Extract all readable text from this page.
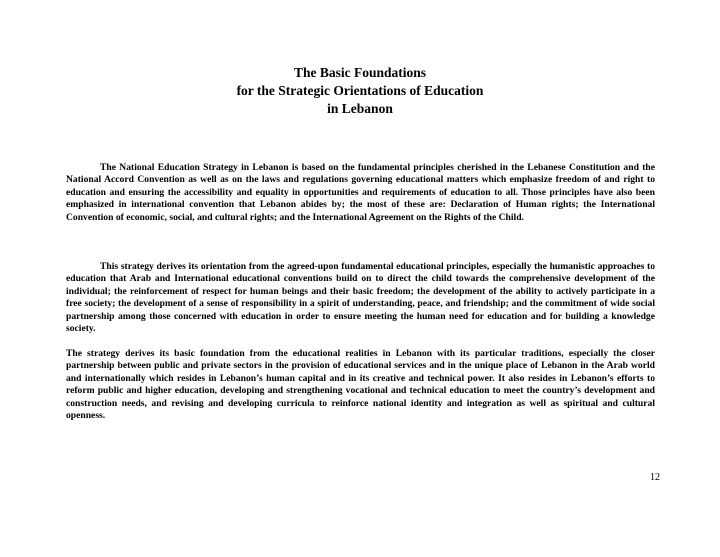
The Basic Foundations
for the Strategic Orientations of Education
in Lebanon

The National Education Strategy in Lebanon is based on the fundamental principles cherished in the Lebanese Constitution and the National Accord Convention as well as on the laws and regulations governing educational matters which emphasize freedom of and right to education and ensuring the accessibility and equality in opportunities and requirements of education to all. Those principles have also been emphasized in international convention that Lebanon abides by; the most of these are: Declaration of Human rights; the International Convention of economic, social, and cultural rights; and the International Agreement on the Rights of the Child.

This strategy derives its orientation from the agreed-upon fundamental educational principles, especially the humanistic approaches to education that Arab and International educational conventions build on to direct the child towards the comprehensive development of the individual; the reinforcement of respect for human beings and their basic freedom; the development of the ability to actively participate in a free society; the development of a sense of responsibility in a spirit of understanding, peace, and friendship; and the commitment of wide social partnership among those concerned with education in order to ensure meeting the human need for education and for building a knowledge society.

The strategy derives its basic foundation from the educational realities in Lebanon with its particular traditions, especially the closer partnership between public and private sectors in the provision of educational services and in the unique place of Lebanon in the Arab world and internationally which resides in Lebanon’s human capital and in its creative and technical power. It also resides in Lebanon’s efforts to reform public and higher education, developing and strengthening vocational and technical education to meet the country’s development and construction needs, and revising and developing curricula to reinforce national identity and integration as well as spiritual and cultural openness.

12
